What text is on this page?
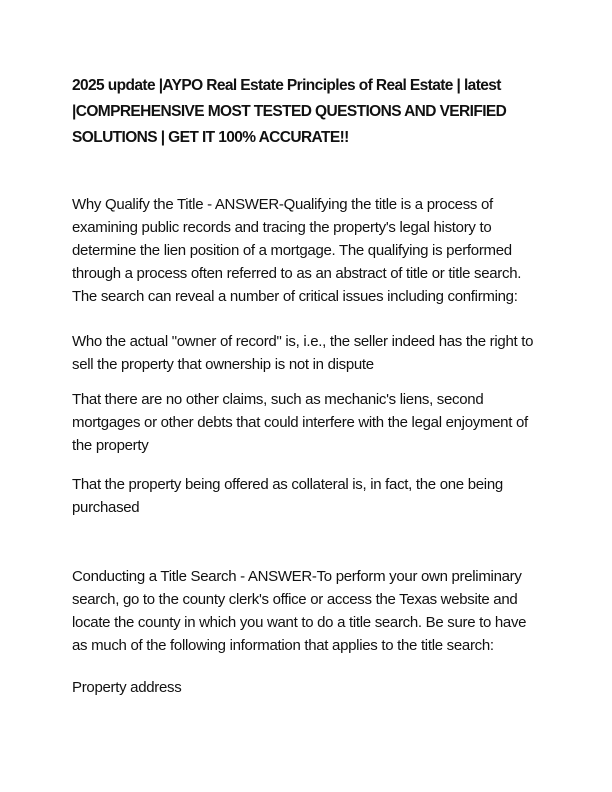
2025 update |AYPO Real Estate Principles of Real Estate | latest |COMPREHENSIVE MOST TESTED QUESTIONS AND VERIFIED SOLUTIONS | GET IT 100% ACCURATE!!

Why Qualify the Title - ANSWER-Qualifying the title is a process of examining public records and tracing the property's legal history to determine the lien position of a mortgage. The qualifying is performed through a process often referred to as an abstract of title or title search. The search can reveal a number of critical issues including confirming:

Who the actual "owner of record" is, i.e., the seller indeed has the right to sell the property that ownership is not in dispute

That there are no other claims, such as mechanic's liens, second mortgages or other debts that could interfere with the legal enjoyment of the property

That the property being offered as collateral is, in fact, the one being purchased

Conducting a Title Search - ANSWER-To perform your own preliminary search, go to the county clerk's office or access the Texas website and locate the county in which you want to do a title search. Be sure to have as much of the following information that applies to the title search:

Property address
